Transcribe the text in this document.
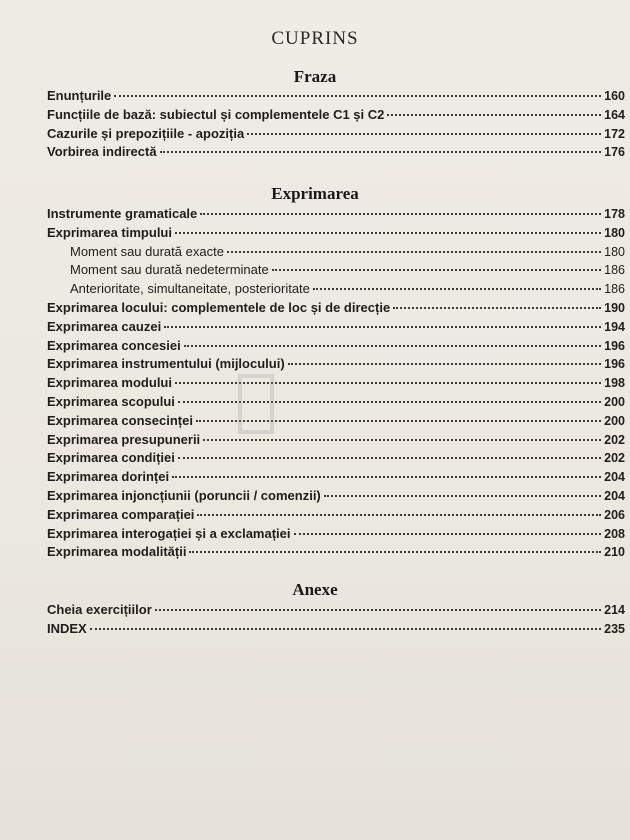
CUPRINS
Fraza
Enunțurile	160
Funcțiile de bază: subiectul și complementele C1 și C2	164
Cazurile și prepozițiile - apoziția	172
Vorbirea indirectă	176
Exprimarea
Instrumente gramaticale	178
Exprimarea timpului	180
Moment sau durată exacte	180
Moment sau durată nedeterminate	186
Anterioritate, simultaneitate, posterioritate	186
Exprimarea locului: complementele de loc și de direcție	190
Exprimarea cauzei	194
Exprimarea concesiei	196
Exprimarea instrumentului (mijlocului)	196
Exprimarea modului	198
Exprimarea scopului	200
Exprimarea consecinței	200
Exprimarea presupunerii	202
Exprimarea condiției	202
Exprimarea dorinței	204
Exprimarea injoncțiunii (poruncii / comenzii)	204
Exprimarea comparației	206
Exprimarea interogației și a exclamației	208
Exprimarea modalității	210
Anexe
Cheia exercițiilor	214
INDEX	235
